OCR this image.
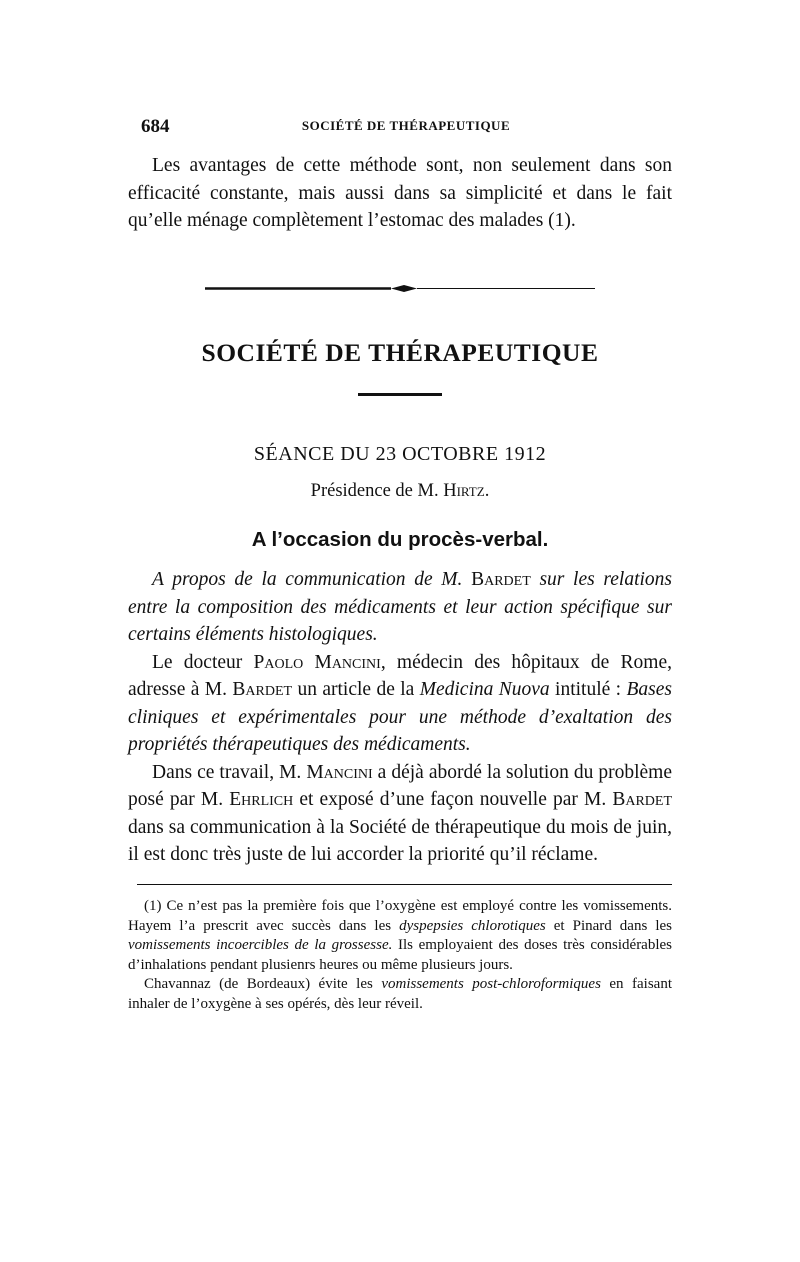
684	SOCIÉTÉ DE THÉRAPEUTIQUE

Les avantages de cette méthode sont, non seulement dans son efficacité constante, mais aussi dans sa simplicité et dans le fait qu’elle ménage complètement l’estomac des malades (1).

SOCIÉTÉ DE THÉRAPEUTIQUE
SÉANCE DU 23 OCTOBRE 1912
Présidence de M. Hirtz.
A l’occasion du procès-verbal.

A propos de la communication de M. Bardet sur les relations entre la composition des médicaments et leur action spécifique sur certains éléments histologiques.

Le docteur Paolo Mancini, médecin des hôpitaux de Rome, adresse à M. Bardet un article de la Medicina Nuova intitulé : Bases cliniques et expérimentales pour une méthode d’exaltation des propriétés thérapeutiques des médicaments.

Dans ce travail, M. Mancini a déjà abordé la solution du problème posé par M. Ehrlich et exposé d’une façon nouvelle par M. Bardet dans sa communication à la Société de thérapeutique du mois de juin, il est donc très juste de lui accorder la priorité qu’il réclame.

(1) Ce n’est pas la première fois que l’oxygène est employé contre les vomissements. Hayem l’a prescrit avec succès dans les dyspepsies chlorotiques et Pinard dans les vomissements incoercibles de la grossesse. Ils employaient des doses très considérables d’inhalations pendant plusienrs heures ou même plusieurs jours.

Chavannaz (de Bordeaux) évite les vomissements post-chloroformiques en faisant inhaler de l’oxygène à ses opérés, dès leur réveil.
